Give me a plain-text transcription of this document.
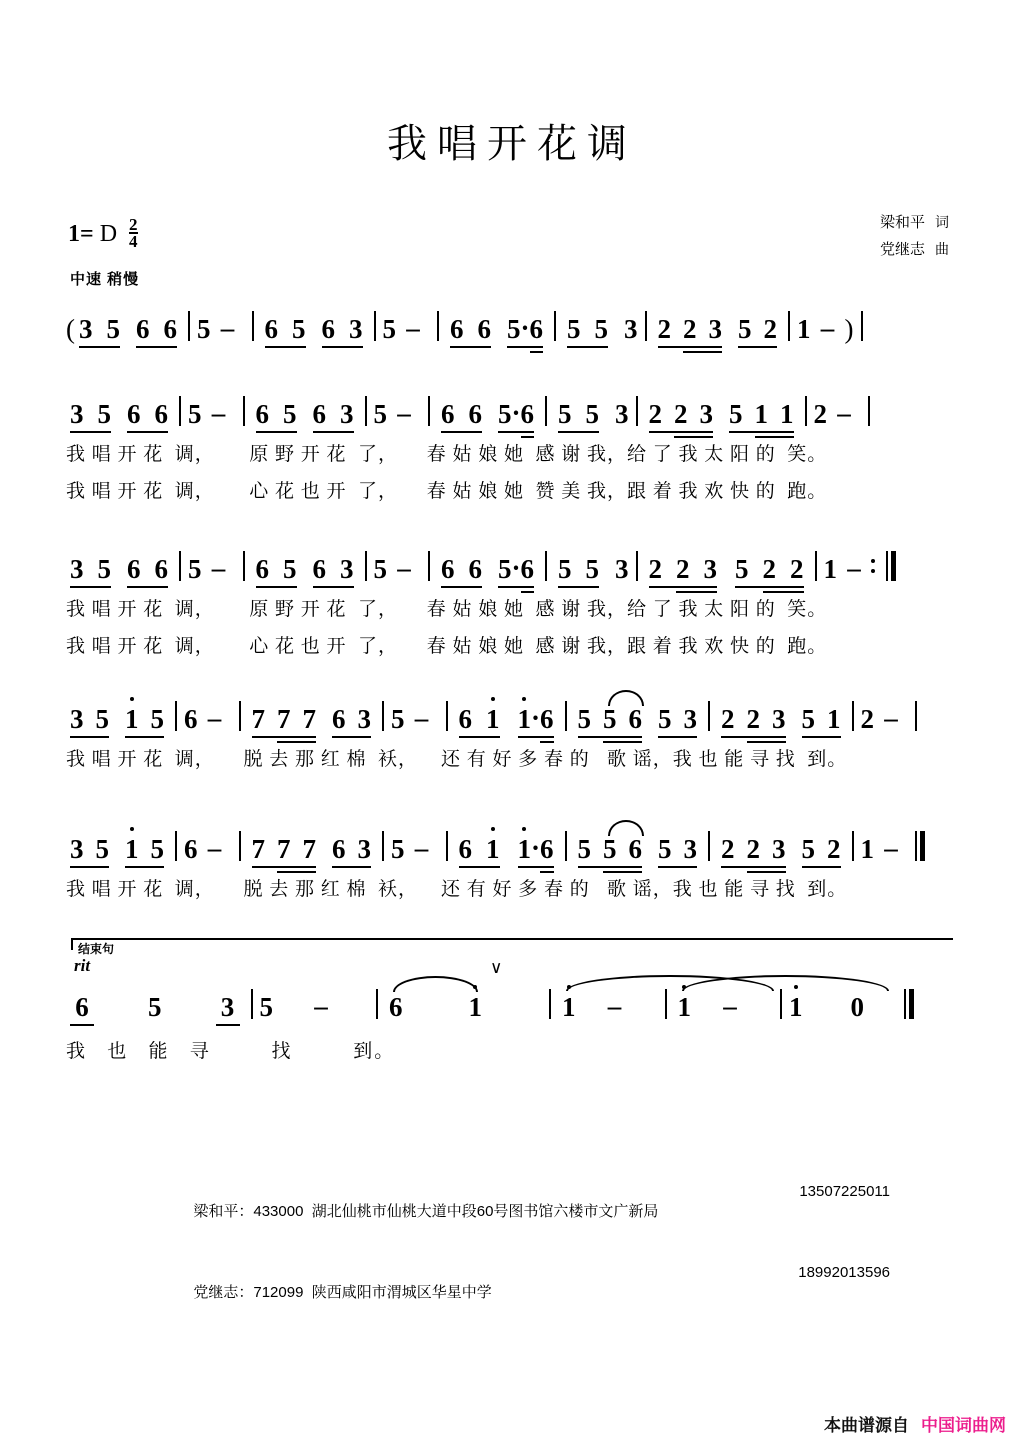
我唱开花调
1= D $\frac{2}{4}$
中速 稍慢
梁和平 词
党继志 曲
( 3 5 6 6 5 –	6 5 6 3 5 –	6 6 5 · 6 5 5 3 2 2 3 5 2 1 – )
3 5 6 6 5 –	6 5 6 3 5 –	6 6 5 · 6 5 5 3 2 2 3 5 1 1 2 –
我 唱 开 花  调，      原 野 开 花  了，     春 姑 娘 她  感 谢 我，给 了 我 太 阳 的  笑。
我 唱 开 花  调，      心 花 也 开  了，     春 姑 娘 她  赞 美 我，跟 着 我 欢 快 的  跑。
3 5 6 6 5 –	6 5 6 3 5 –	6 6 5 · 6 5 5 3 2 2 3 5 2 2 1 –
我 唱 开 花  调，      原 野 开 花  了，     春 姑 娘 她  感 谢 我，给 了 我 太 阳 的  笑。
我 唱 开 花  调，      心 花 也 开  了，     春 姑 娘 她  感 谢 我，跟 着 我 欢 快 的  跑。
3 5 1 5 6 –	7 7 7 6 3 5 –	6 1 1 · 6 5 5 6 5 3 2 2 3 5 1 2 –
我 唱 开 花  调，     脱 去 那 红 棉  袄，    还 有 好 多 春 的   歌 谣，我 也 能 寻 找  到。
3 5 1 5 6 –	7 7 7 6 3 5 –	6 1 1 · 6 5 5 6 5 3 2 2 3 5 2 1 –
我 唱 开 花  调，     脱 去 那 红 棉  袄，    还 有 好 多 春 的   歌 谣，我 也 能 寻 找  到。
结束句
rit	∨
6 5 3 5	–	6 1	1	–	1	–	1 0
我   也   能   寻         找         到。

梁和平：433000  湖北仙桃市仙桃大道中段60号图书馆六楼市文广新局

13507225011

党继志：712099  陕西咸阳市渭城区华星中学

18992013596
本曲谱源自 中国词曲网
